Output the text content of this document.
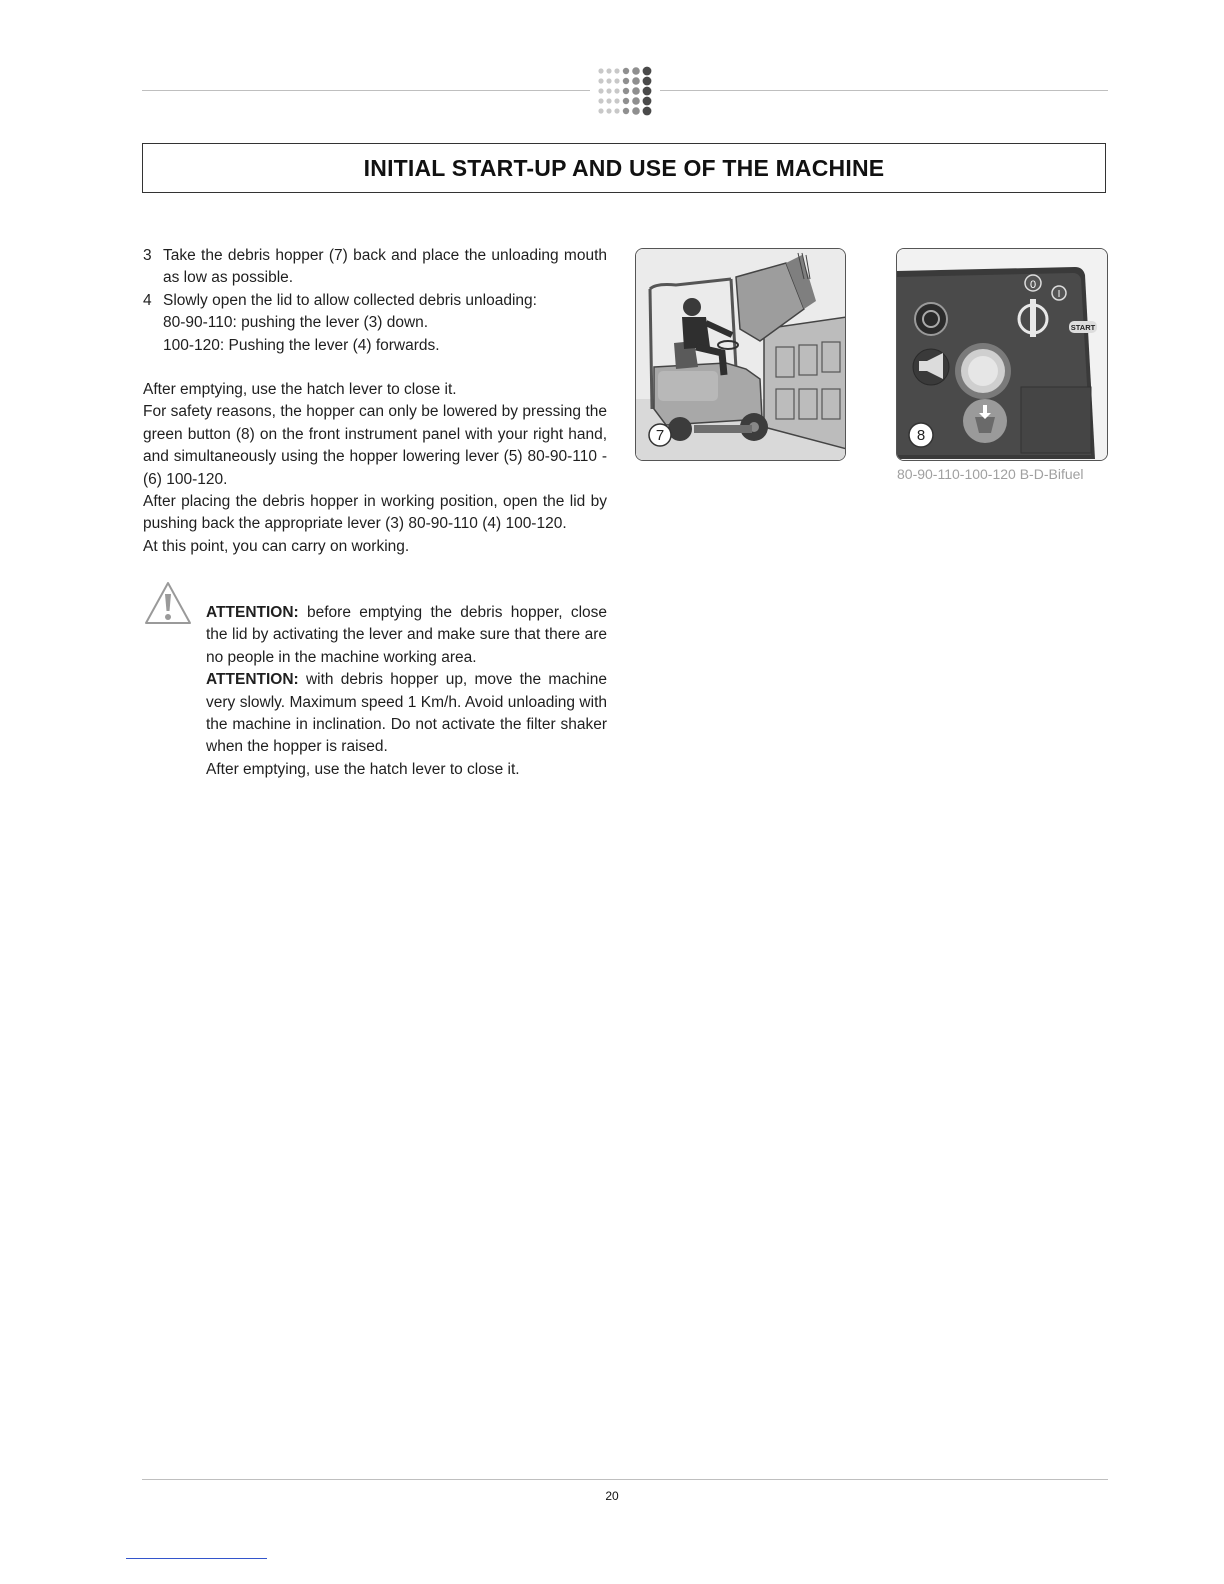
INITIAL START-UP AND USE OF THE MACHINE
3 Take the debris hopper (7) back and place the unloading mouth as low as possible.
4 Slowly open the lid to allow collected debris unloading:

80-90-110: pushing the lever (3) down.

100-120: Pushing the lever (4) forwards.

After emptying, use the hatch lever to close it.

For safety reasons, the hopper can only be lowered by pressing the green button (8) on the front instrument panel with your right hand, and simultaneously using the hopper lowering lever (5) 80-90-110 - (6) 100-120.

After placing the debris hopper in working position, open the lid by pushing back the appropriate lever (3) 80-90-110 (4) 100-120.

At this point, you can carry on working.

ATTENTION: before emptying the debris hopper, close the lid by activating the lever and make sure that there are no people in the machine working area.

ATTENTION: with debris hopper up, move the machine very slowly. Maximum speed 1 Km/h. Avoid unloading with the machine in inclination. Do not activate the filter shaker when the hopper is raised.

After emptying, use the hatch lever to close it.

7
0
I
START
8
80-90-110-100-120 B-D-Bifuel
20
